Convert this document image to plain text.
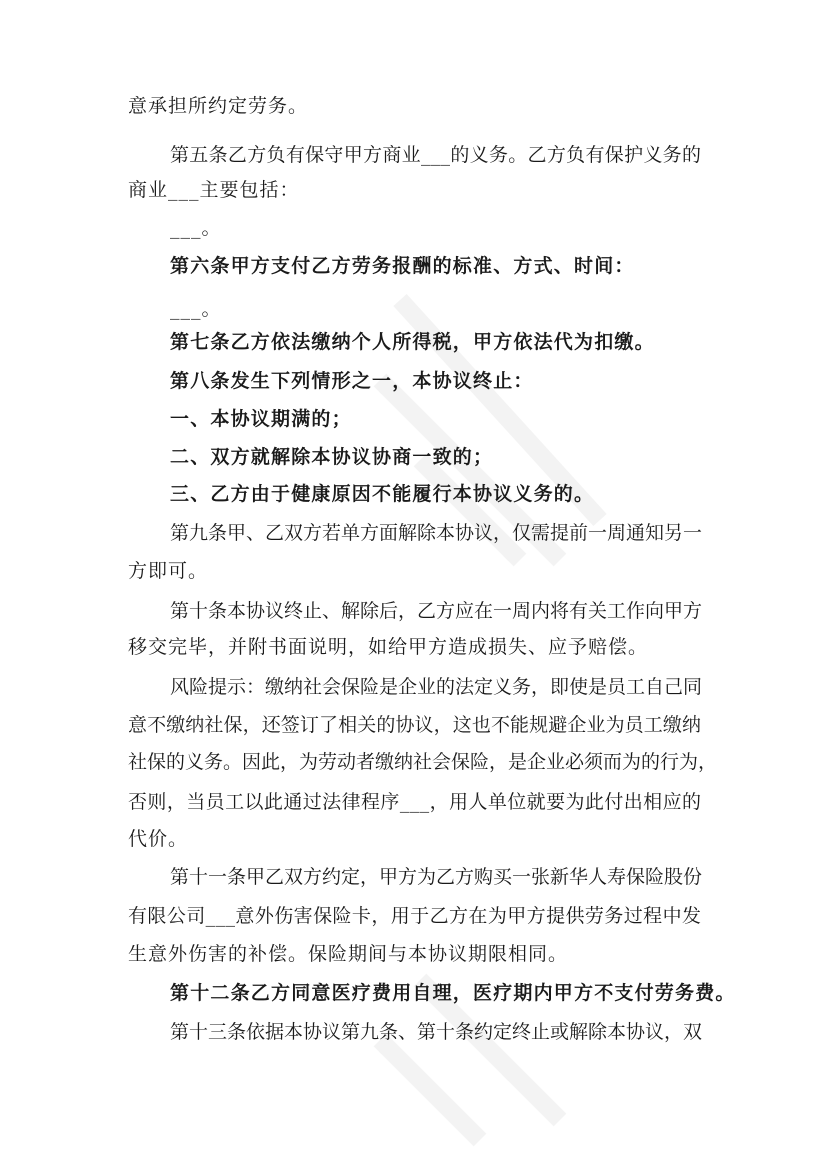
意承担所约定劳务。
第五条乙方负有保守甲方商业___的义务。乙方负有保护义务的
商业___主要包括：
___。
第六条甲方支付乙方劳务报酬的标准、方式、时间：
___。
第七条乙方依法缴纳个人所得税，甲方依法代为扣缴。
第八条发生下列情形之一，本协议终止：
一、本协议期满的；
二、双方就解除本协议协商一致的；
三、乙方由于健康原因不能履行本协议义务的。
第九条甲、乙双方若单方面解除本协议，仅需提前一周通知另一
方即可。
第十条本协议终止、解除后，乙方应在一周内将有关工作向甲方
移交完毕，并附书面说明，如给甲方造成损失、应予赔偿。
风险提示：缴纳社会保险是企业的法定义务，即使是员工自己同
意不缴纳社保，还签订了相关的协议，这也不能规避企业为员工缴纳
社保的义务。因此，为劳动者缴纳社会保险，是企业必须而为的行为，
否则，当员工以此通过法律程序___，用人单位就要为此付出相应的
代价。
第十一条甲乙双方约定，甲方为乙方购买一张新华人寿保险股份
有限公司___意外伤害保险卡，用于乙方在为甲方提供劳务过程中发
生意外伤害的补偿。保险期间与本协议期限相同。
第十二条乙方同意医疗费用自理，医疗期内甲方不支付劳务费。
第十三条依据本协议第九条、第十条约定终止或解除本协议，双
